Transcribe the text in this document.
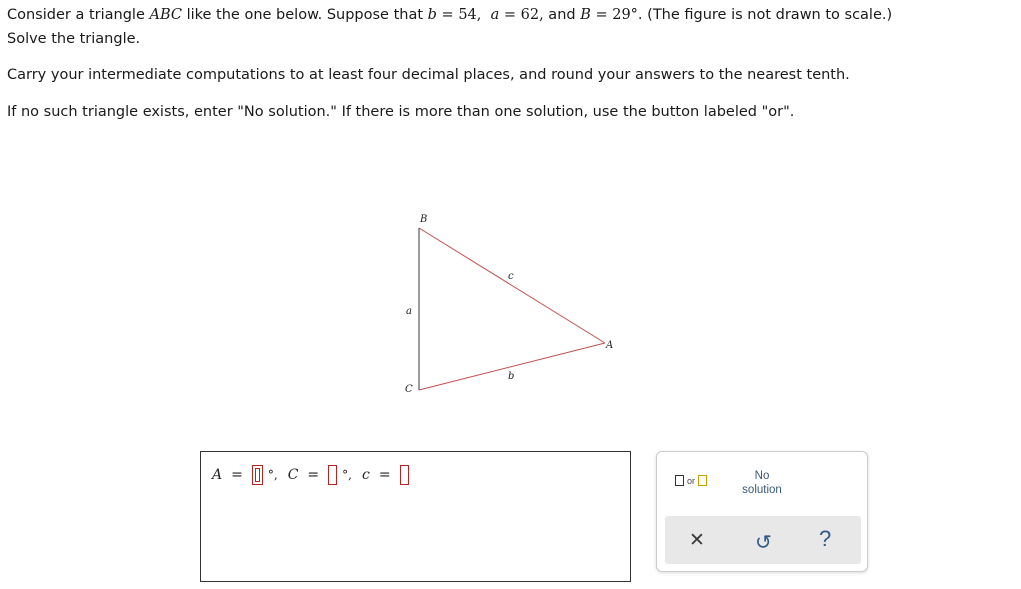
Consider a triangle ABC like the one below. Suppose that b = 54, a = 62, and B = 29°. (The figure is not drawn to scale.)
Solve the triangle.
Carry your intermediate computations to at least four decimal places, and round your answers to the nearest tenth.
If no such triangle exists, enter "No solution." If there is more than one solution, use the button labeled "or".
B
A
C
a
b
c
A = °, C = °, c =	or	No
solution
✕	↺ ?
